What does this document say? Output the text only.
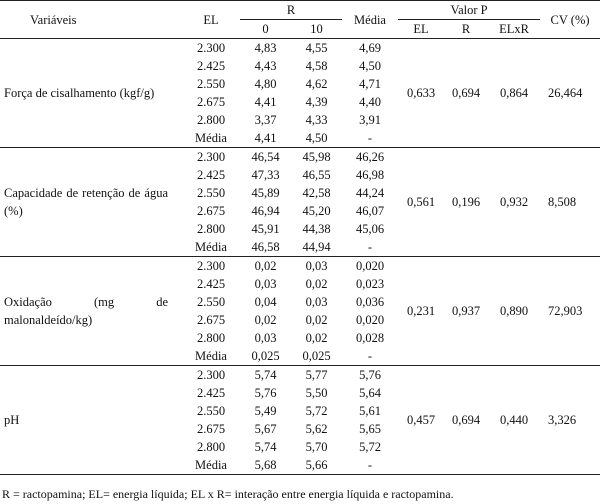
Variáveis	EL	R		Média	Valor P			CV (%)
		0	10		EL	R	ELxR	
Força de cisalhamento (kgf/g)	2.300	4,83	4,55	4,69	0,633	0,694	0,864	26,464
	2.425	4,43	4,58	4,50				
	2.550	4,80	4,62	4,71				
	2.675	4,41	4,39	4,40				
	2.800	3,37	4,33	3,91				
	Média	4,41	4,50	-				
Capacidade de retenção de água (%)	2.300	46,54	45,98	46,26	0,561	0,196	0,932	8,508
	2.425	47,33	46,55	46,98				
	2.550	45,89	42,58	44,24				
	2.675	46,94	45,20	46,07				
	2.800	45,91	44,38	45,06				
	Média	46,58	44,94	-				
Oxidação (mg de malonaldeído/kg)	2.300	0,02	0,03	0,020	0,231	0,937	0,890	72,903
	2.425	0,03	0,02	0,023				
	2.550	0,04	0,03	0,036				
	2.675	0,02	0,02	0,020				
	2.800	0,03	0,02	0,028				
	Média	0,025	0,025	-				
pH	2.300	5,74	5,77	5,76	0,457	0,694	0,440	3,326
	2.425	5,76	5,50	5,64				
	2.550	5,49	5,72	5,61				
	2.675	5,67	5,62	5,65				
	2.800	5,74	5,70	5,72				
	Média	5,68	5,66	-				
R = ractopamina; EL= energia líquida; EL x R= interação entre energia líquida e ractopamina.
